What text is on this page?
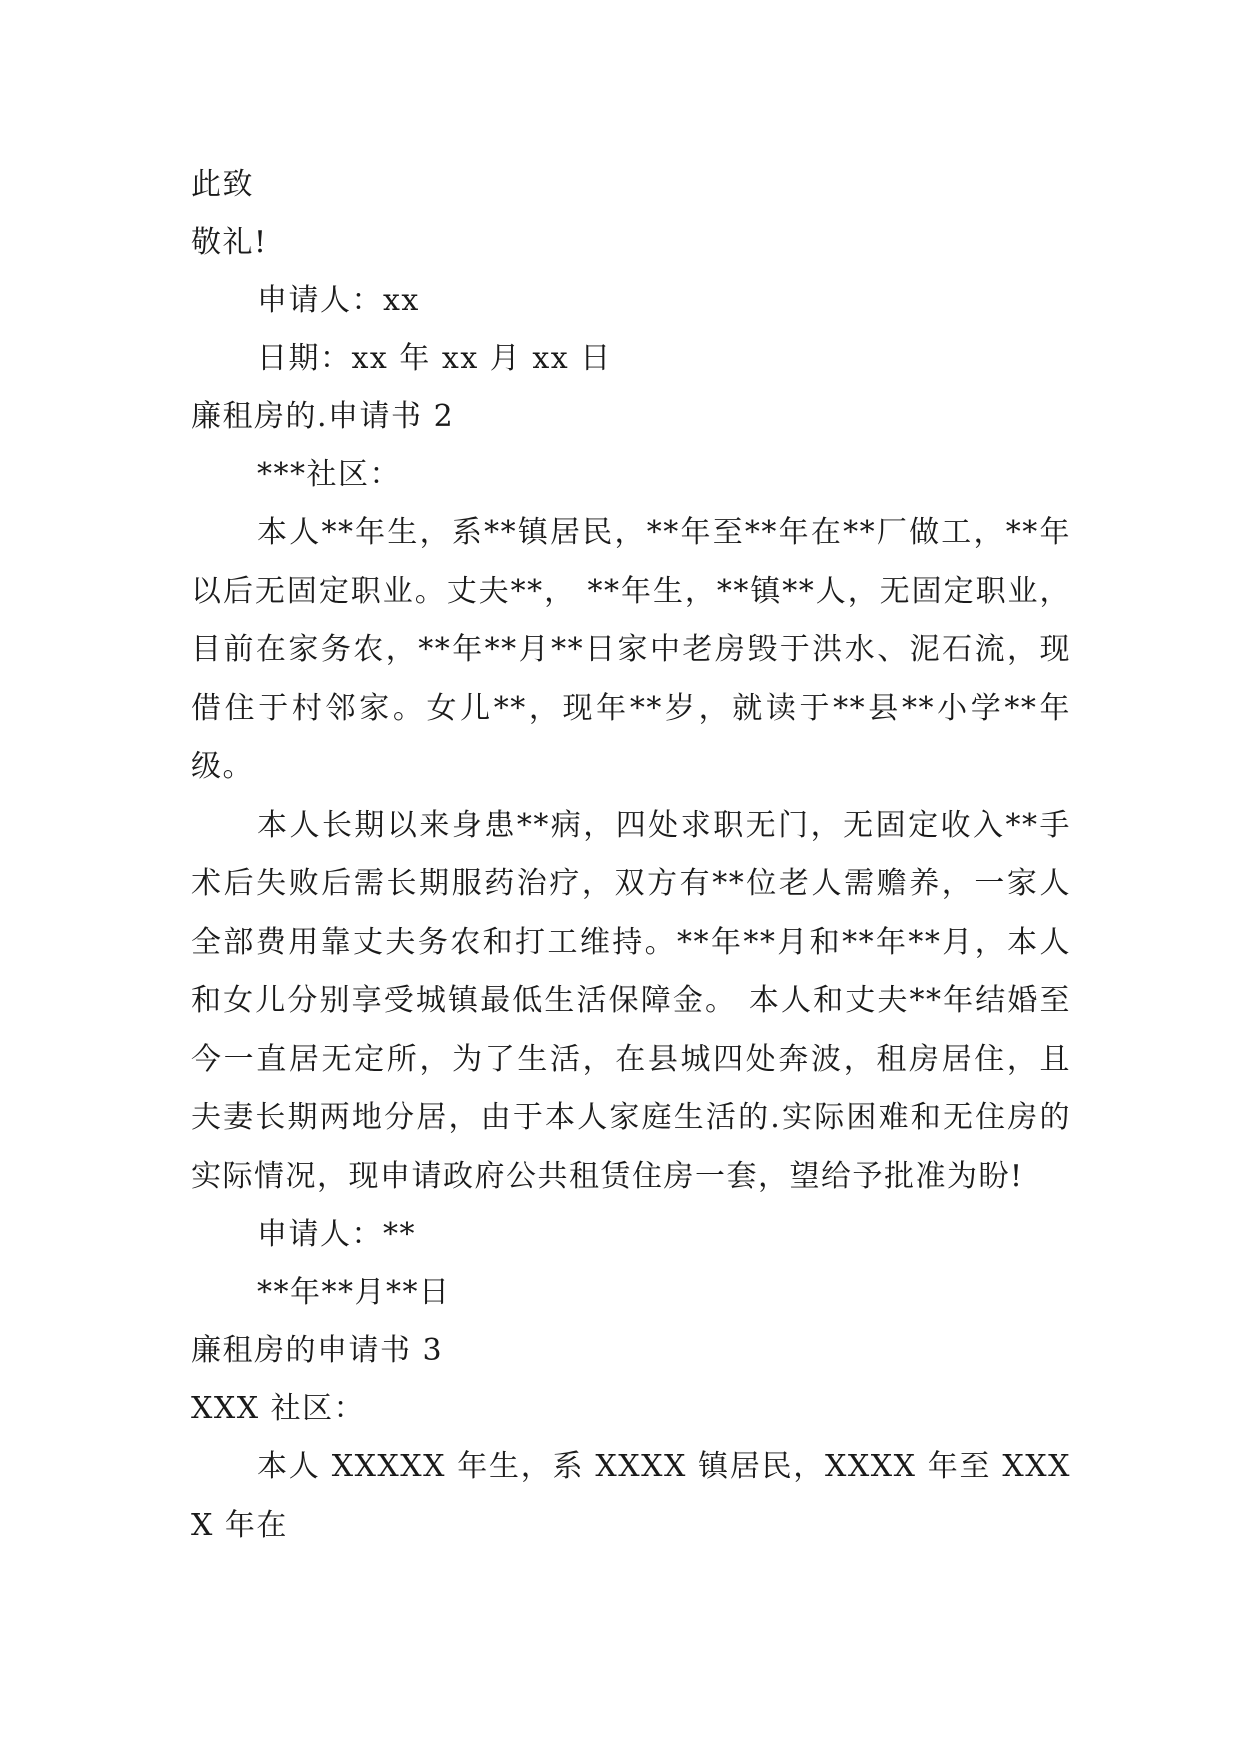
此致
敬礼!
申请人：xx
日期：xx 年 xx 月 xx 日
廉租房的.申请书 2
***社区：
本人**年生，系**镇居民，**年至**年在**厂做工，**年以后无固定职业。丈夫**， **年生，**镇**人，无固定职业，目前在家务农，**年**月**日家中老房毁于洪水、泥石流，现借住于村邻家。女儿**，现年**岁，就读于**县**小学**年级。
本人长期以来身患**病，四处求职无门，无固定收入**手术后失败后需长期服药治疗，双方有**位老人需赡养，一家人全部费用靠丈夫务农和打工维持。**年**月和**年**月，本人和女儿分别享受城镇最低生活保障金。 本人和丈夫**年结婚至今一直居无定所，为了生活，在县城四处奔波，租房居住，且夫妻长期两地分居，由于本人家庭生活的.实际困难和无住房的实际情况，现申请政府公共租赁住房一套，望给予批准为盼!
申请人：**
**年**月**日
廉租房的申请书 3
XXX 社区：
本人 XXXXX 年生，系 XXXX 镇居民，XXXX 年至 XXXX 年在
